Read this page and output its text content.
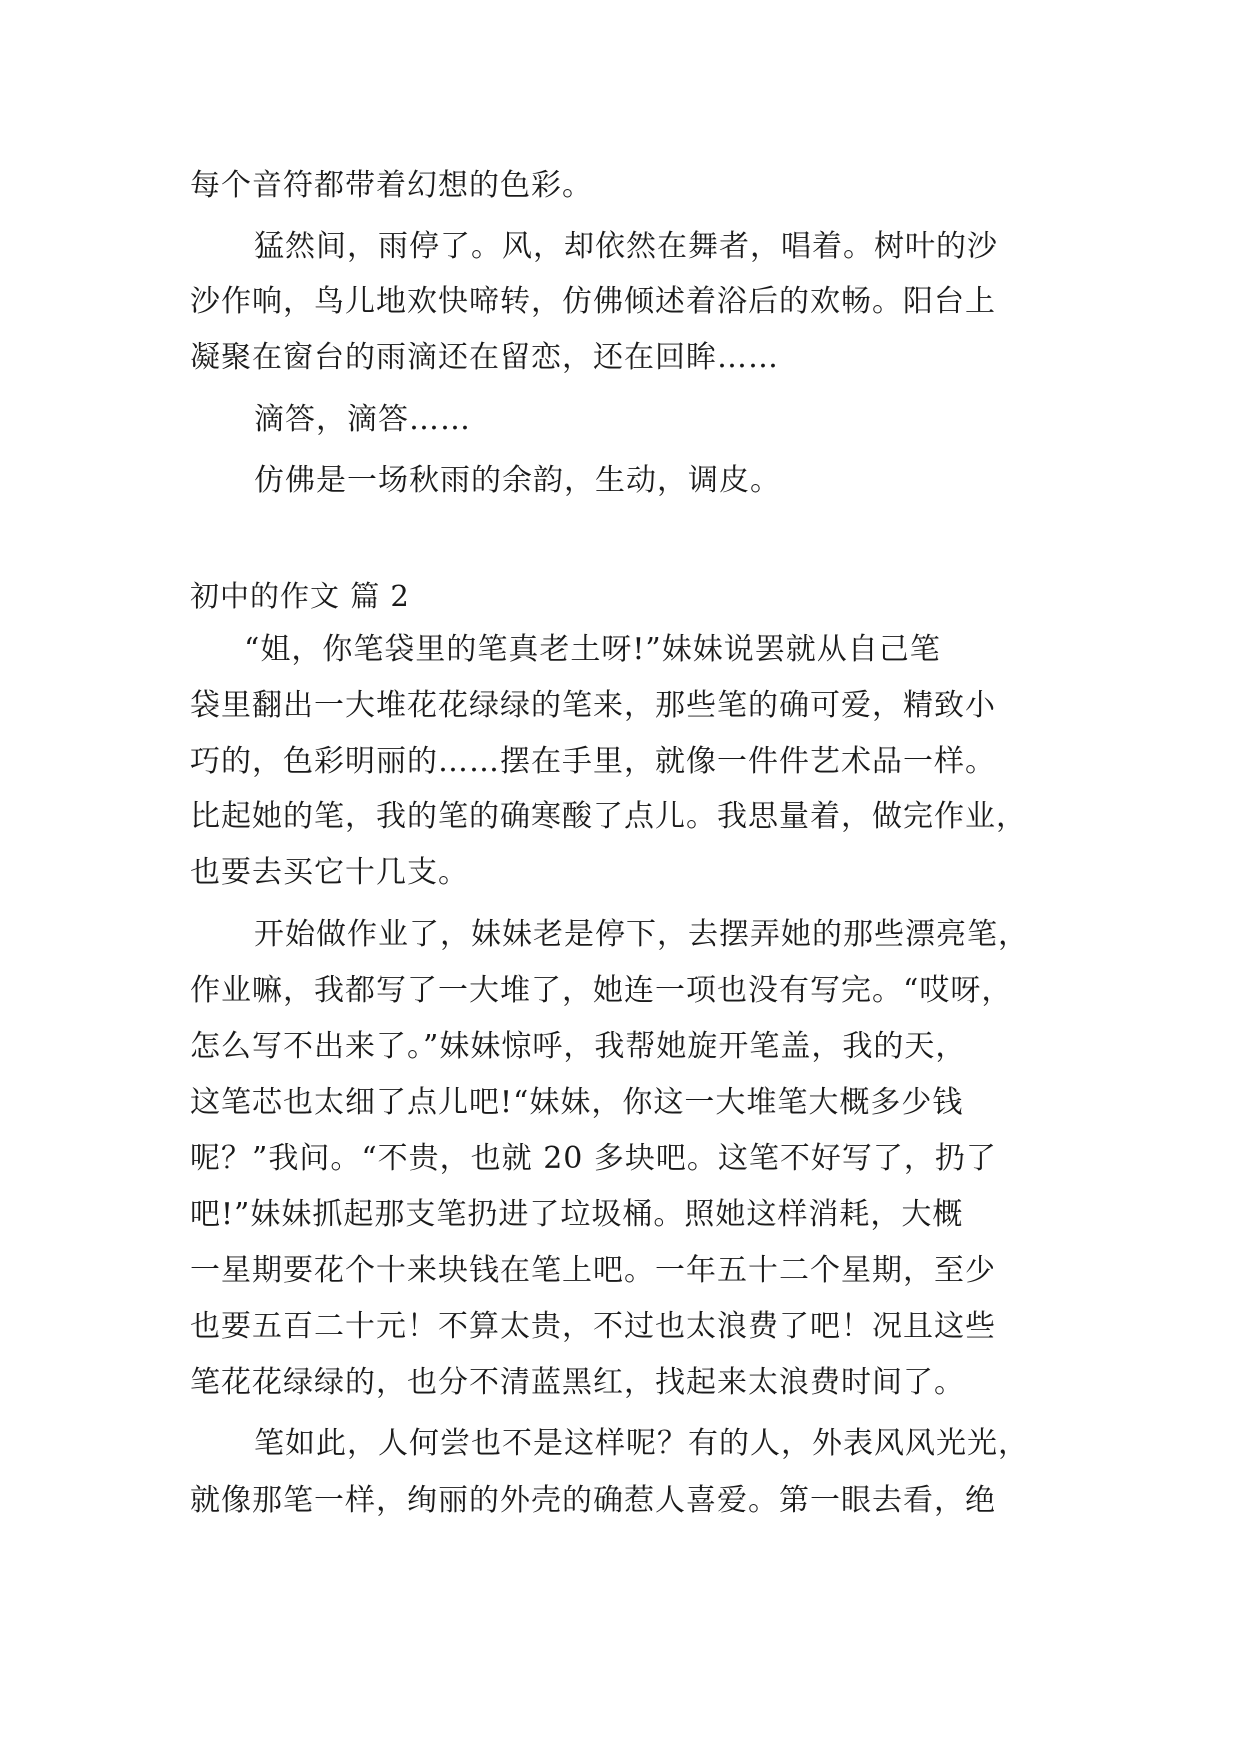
每个音符都带着幻想的色彩。
猛然间，雨停了。风，却依然在舞者，唱着。树叶的沙
沙作响，鸟儿地欢快啼转，仿佛倾述着浴后的欢畅。阳台上
凝聚在窗台的雨滴还在留恋，还在回眸……
滴答，滴答……
仿佛是一场秋雨的余韵，生动，调皮。
初中的作文 篇 2
“姐，你笔袋里的笔真老土呀!”妹妹说罢就从自己笔
袋里翻出一大堆花花绿绿的笔来，那些笔的确可爱，精致小
巧的，色彩明丽的……摆在手里，就像一件件艺术品一样。
比起她的笔，我的笔的确寒酸了点儿。我思量着，做完作业，
也要去买它十几支。
开始做作业了，妹妹老是停下，去摆弄她的那些漂亮笔，
作业嘛，我都写了一大堆了，她连一项也没有写完。“哎呀，
怎么写不出来了。”妹妹惊呼，我帮她旋开笔盖，我的天，
这笔芯也太细了点儿吧!“妹妹，你这一大堆笔大概多少钱
呢？”我问。“不贵，也就 20 多块吧。这笔不好写了，扔了
吧!”妹妹抓起那支笔扔进了垃圾桶。照她这样消耗，大概
一星期要花个十来块钱在笔上吧。一年五十二个星期，至少
也要五百二十元！不算太贵，不过也太浪费了吧！况且这些
笔花花绿绿的，也分不清蓝黑红，找起来太浪费时间了。
笔如此，人何尝也不是这样呢？有的人，外表风风光光，
就像那笔一样，绚丽的外壳的确惹人喜爱。第一眼去看，绝
